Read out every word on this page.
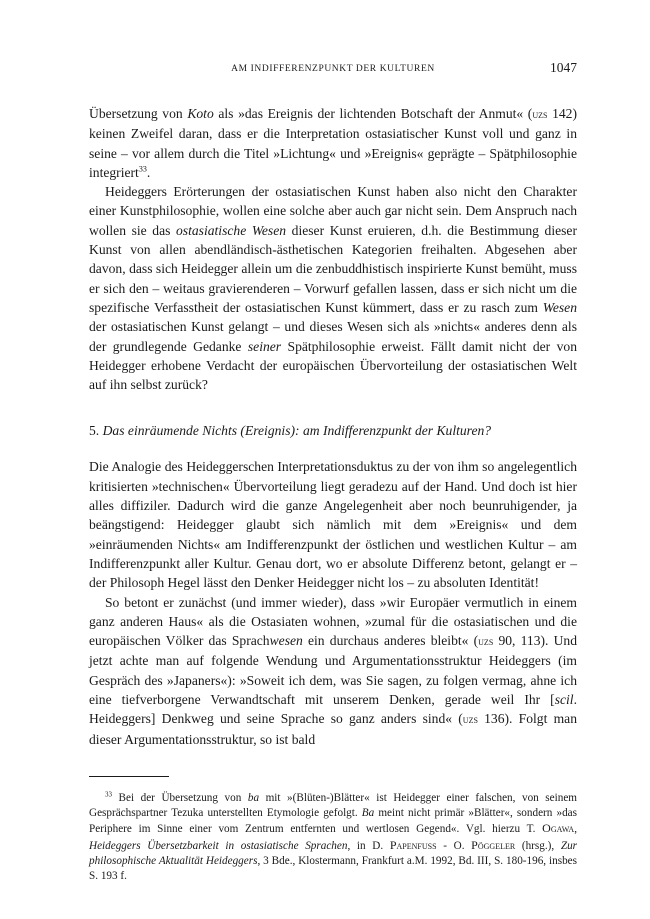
AM INDIFFERENZPUNKT DER KULTUREN	1047

Übersetzung von Koto als »das Ereignis der lichtenden Botschaft der Anmut« (uzs 142) keinen Zweifel daran, dass er die Interpretation ostasiatischer Kunst voll und ganz in seine – vor allem durch die Titel »Lichtung« und »Ereignis« geprägte – Spätphilosophie integriert$^{33}$.

Heideggers Erörterungen der ostasiatischen Kunst haben also nicht den Charakter einer Kunstphilosophie, wollen eine solche aber auch gar nicht sein. Dem Anspruch nach wollen sie das ostasiatische Wesen dieser Kunst eruieren, d.h. die Bestimmung dieser Kunst von allen abendländisch-ästhetischen Kategorien freihalten. Abgesehen aber davon, dass sich Heidegger allein um die zenbuddhistisch inspirierte Kunst bemüht, muss er sich den – weitaus gravierenderen – Vorwurf gefallen lassen, dass er sich nicht um die spezifische Verfasstheit der ostasiatischen Kunst kümmert, dass er zu rasch zum Wesen der ostasiatischen Kunst gelangt – und dieses Wesen sich als »nichts« anderes denn als der grundlegende Gedanke seiner Spätphilosophie erweist. Fällt damit nicht der von Heidegger erhobene Verdacht der europäischen Übervorteilung der ostasiatischen Welt auf ihn selbst zurück?

5. Das einräumende Nichts (Ereignis): am Indifferenzpunkt der Kulturen?

Die Analogie des Heideggerschen Interpretationsduktus zu der von ihm so angelegentlich kritisierten »technischen« Übervorteilung liegt geradezu auf der Hand. Und doch ist hier alles diffiziler. Dadurch wird die ganze Angelegenheit aber noch beunruhigender, ja beängstigend: Heidegger glaubt sich nämlich mit dem »Ereignis« und dem »einräumenden Nichts« am Indifferenzpunkt der östlichen und westlichen Kultur – am Indifferenzpunkt aller Kultur. Genau dort, wo er absolute Differenz betont, gelangt er – der Philosoph Hegel lässt den Denker Heidegger nicht los – zu absoluten Identität!

So betont er zunächst (und immer wieder), dass »wir Europäer vermutlich in einem ganz anderen Haus« als die Ostasiaten wohnen, »zumal für die ostasiatischen und die europäischen Völker das Sprachwesen ein durchaus anderes bleibt« (uzs 90, 113). Und jetzt achte man auf folgende Wendung und Argumentationsstruktur Heideggers (im Gespräch des »Japaners«): »Soweit ich dem, was Sie sagen, zu folgen vermag, ahne ich eine tiefverborgene Verwandtschaft mit unserem Denken, gerade weil Ihr [scil. Heideggers] Denkweg und seine Sprache so ganz anders sind« (uzs 136). Folgt man dieser Argumentationsstruktur, so ist bald

$^{33}$ Bei der Übersetzung von ba mit »(Blüten-)Blätter« ist Heidegger einer falschen, von seinem Gesprächspartner Tezuka unterstellten Etymologie gefolgt. Ba meint nicht primär »Blätter«, sondern »das Periphere im Sinne einer vom Zentrum entfernten und wertlosen Gegend«. Vgl. hierzu T. Ogawa, Heideggers Übersetzbarkeit in ostasiatische Sprachen, in D. Papenfuss - O. Pöggeler (hrsg.), Zur philosophische Aktualität Heideggers, 3 Bde., Klostermann, Frankfurt a.M. 1992, Bd. III, S. 180-196, insbes S. 193 f.
